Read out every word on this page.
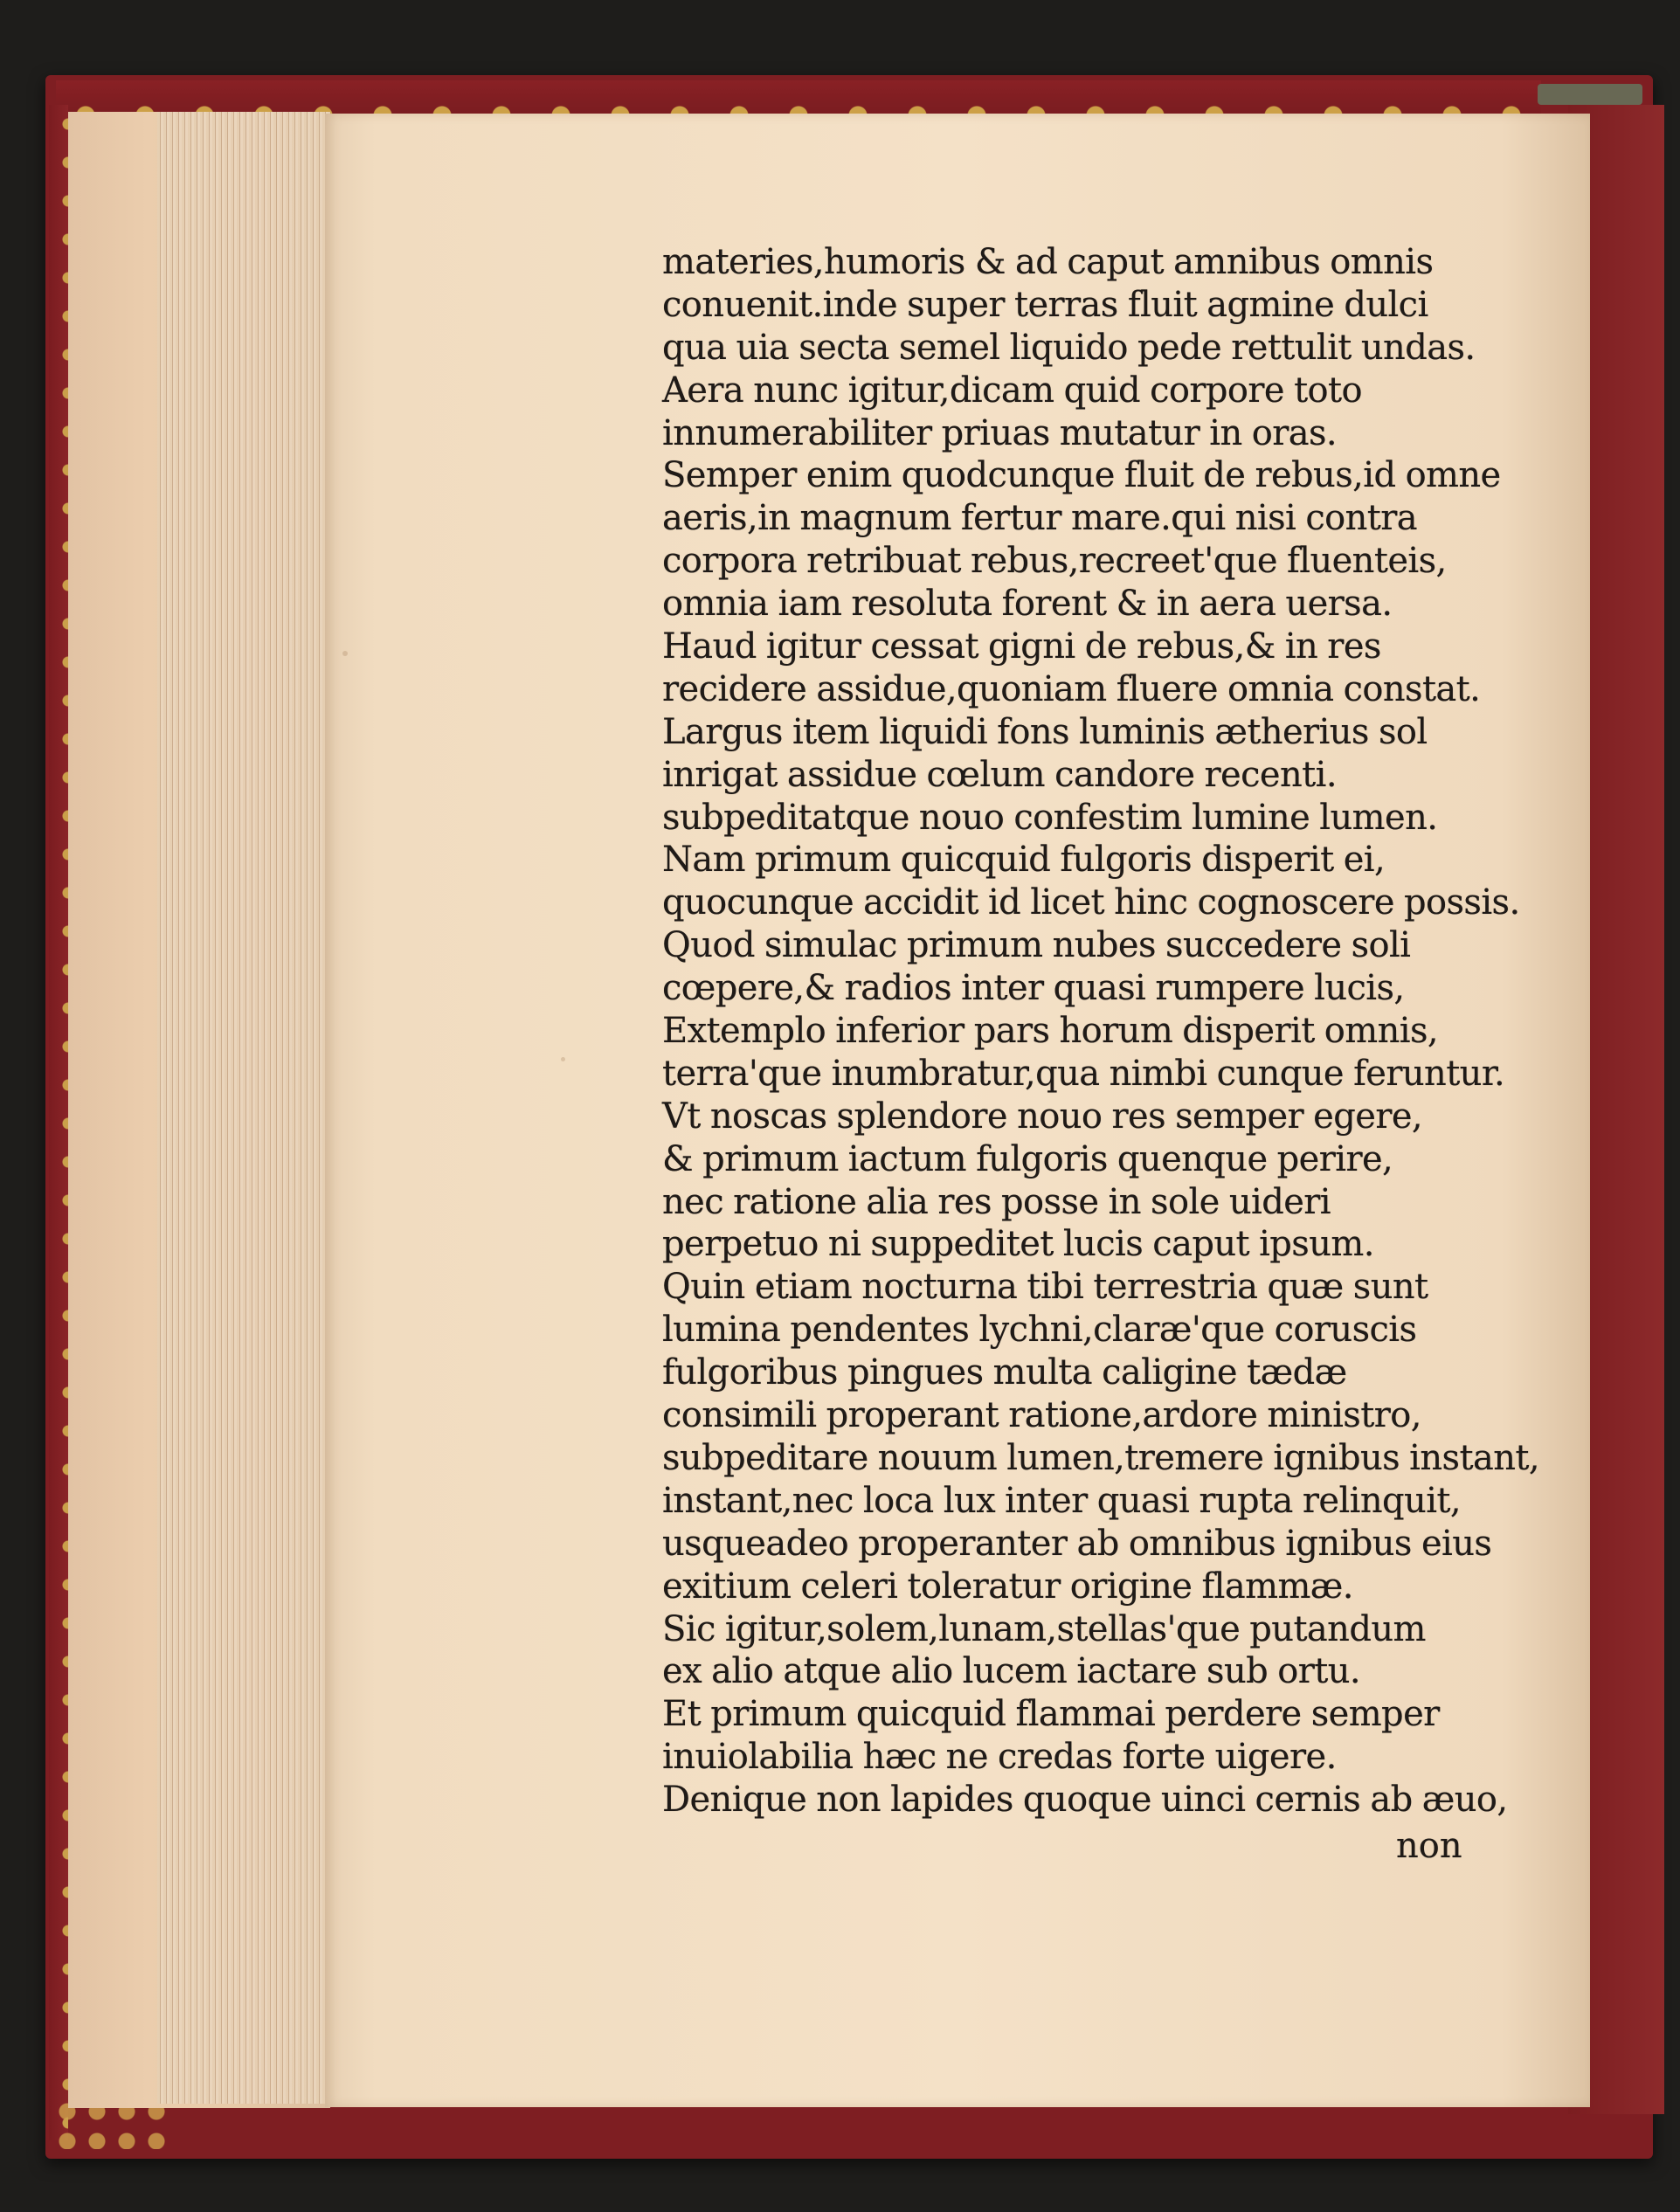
materies,humoris & ad caput amnibus omnis
conuenit.inde super terras fluit agmine dulci
qua uia secta semel liquido pede rettulit undas.
Aera nunc igitur,dicam quid corpore toto
innumerabiliter priuas mutatur in oras.
Semper enim quodcunque fluit de rebus,id omne
aeris,in magnum fertur mare.qui nisi contra
corpora retribuat rebus,recreet'que fluenteis,
omnia iam resoluta forent & in aera uersa.
Haud igitur cessat gigni de rebus,& in res
recidere assidue,quoniam fluere omnia constat.
Largus item liquidi fons luminis ætherius sol
inrigat assidue cœlum candore recenti.
subpeditatque nouo confestim lumine lumen.
Nam primum quicquid fulgoris disperit ei,
quocunque accidit id licet hinc cognoscere possis.
Quod simulac primum nubes succedere soli
cœpere,& radios inter quasi rumpere lucis,
Extemplo inferior pars horum disperit omnis,
terra'que inumbratur,qua nimbi cunque feruntur.
Vt noscas splendore nouo res semper egere,
& primum iactum fulgoris quenque perire,
nec ratione alia res posse in sole uideri
perpetuo ni suppeditet lucis caput ipsum.
Quin etiam nocturna tibi terrestria quæ sunt
lumina pendentes lychni,claræ'que coruscis
fulgoribus pingues multa caligine tædæ
consimili properant ratione,ardore ministro,
subpeditare nouum lumen,tremere ignibus instant,
instant,nec loca lux inter quasi rupta relinquit,
usqueadeo properanter ab omnibus ignibus eius
exitium celeri toleratur origine flammæ.
Sic igitur,solem,lunam,stellas'que putandum
ex alio atque alio lucem iactare sub ortu.
Et primum quicquid flammai perdere semper
inuiolabilia hæc ne credas forte uigere.
Denique non lapides quoque uinci cernis ab æuo,
non
